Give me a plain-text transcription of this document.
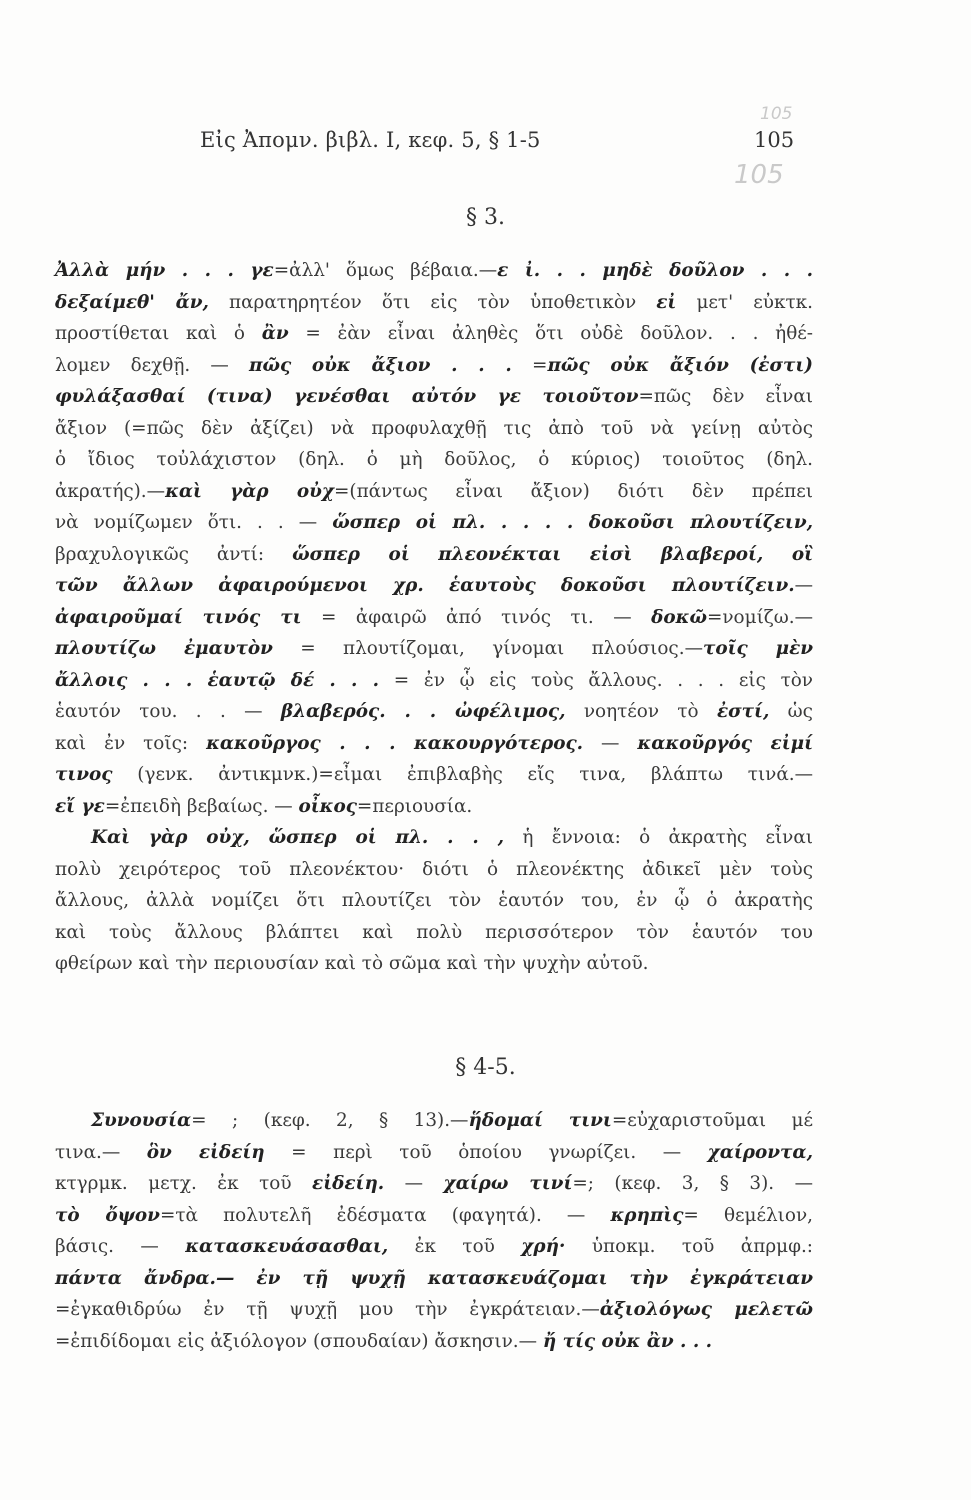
Εἰς Ἀπομν. βιβλ. Ι, κεφ. 5, § 1-5	105
105
105
§ 3.
Ἀλλὰ μήν . . . γε=ἀλλ' ὅμως βέβαια.—ε ἰ. . . μηδὲ δοῦλον . . .
δεξαίμεθ' ἄν, παρατηρητέον ὅτι εἰς τὸν ὑποθετικὸν εἰ μετ' εὐκτκ.
προστίθεται καὶ ὁ ἂν = ἐὰν εἶναι ἀληθὲς ὅτι οὐδὲ δοῦλον. . . ἠθέ-
λομεν δεχθῇ. — πῶς οὐκ ἄξιον . . . =πῶς οὐκ ἄξιόν (ἐστι)
φυλάξασθαί (τινα) γενέσθαι αὐτόν γε τοιοῦτον=πῶς δὲν εἶναι
ἄξιον (=πῶς δὲν ἀξίζει) νὰ προφυλαχθῇ τις ἀπὸ τοῦ νὰ γείνῃ αὐτὸς
ὁ ἴδιος τοὐλάχιστον (δηλ. ὁ μὴ δοῦλος, ὁ κύριος) τοιοῦτος (δηλ.
ἀκρατής).—καὶ γὰρ οὐχ=(πάντως εἶναι ἄξιον) διότι δὲν πρέπει
νὰ νομίζωμεν ὅτι. . . — ὥσπερ οἱ πλ. . . . . δοκοῦσι πλουτίζειν,
βραχυλογικῶς ἀντί: ὥσπερ οἱ πλεονέκται εἰσὶ βλαβεροί, οἳ
τῶν ἄλλων ἀφαιρούμενοι χρ. ἑαυτοὺς δοκοῦσι πλουτίζειν.—
ἀφαιροῦμαί τινός τι = ἀφαιρῶ ἀπό τινός τι. — δοκῶ=νομίζω.—
πλουτίζω ἐμαυτὸν = πλουτίζομαι, γίνομαι πλούσιος.—τοῖς μὲν
ἄλλοις . . . ἑαυτῷ δέ . . . = ἐν ᾧ εἰς τοὺς ἄλλους. . . . εἰς τὸν
ἑαυτόν του. . . — βλαβερός. . . ὠφέλιμος, νοητέον τὸ ἐστί, ὡς
καὶ ἐν τοῖς: κακοῦργος . . . κακουργότερος. — κακοῦργός εἰμί
τινος (γενκ. ἀντικμνκ.)=εἶμαι ἐπιβλαβὴς εἴς τινα, βλάπτω τινά.—
εἴ γε=ἐπειδὴ βεβαίως. — οἶκος=περιουσία.
Καὶ γὰρ οὐχ, ὥσπερ οἱ πλ. . . , ἡ ἔννοια: ὁ ἀκρατὴς εἶναι
πολὺ χειρότερος τοῦ πλεονέκτου· διότι ὁ πλεονέκτης ἀδικεῖ μὲν τοὺς
ἄλλους, ἀλλὰ νομίζει ὅτι πλουτίζει τὸν ἑαυτόν του, ἐν ᾧ ὁ ἀκρατὴς
καὶ τοὺς ἄλλους βλάπτει καὶ πολὺ περισσότερον τὸν ἑαυτόν του
φθείρων καὶ τὴν περιουσίαν καὶ τὸ σῶμα καὶ τὴν ψυχὴν αὐτοῦ.
§ 4-5.
Συνουσία= ; (κεφ. 2, § 13).—ἥδομαί τινι=εὐχαριστοῦμαι μέ
τινα.— ὃν εἰδείη = περὶ τοῦ ὁποίου γνωρίζει. — χαίροντα,
κτγρμκ. μετχ. ἐκ τοῦ εἰδείη. — χαίρω τινί=; (κεφ. 3, § 3). —
τὸ ὄψον=τὰ πολυτελῆ ἐδέσματα (φαγητά). — κρηπὶς= θεμέλιον,
βάσις. — κατασκευάσασθαι, ἐκ τοῦ χρή· ὑποκμ. τοῦ ἀπρμφ.:
πάντα ἄνδρα.— ἐν τῇ ψυχῇ κατασκευάζομαι τὴν ἐγκράτειαν
=ἐγκαθιδρύω ἐν τῇ ψυχῇ μου τὴν ἐγκράτειαν.—ἀξιολόγως μελετῶ
=ἐπιδίδομαι εἰς ἀξιόλογον (σπουδαίαν) ἄσκησιν.— ἤ τίς οὐκ ἂν . . .
